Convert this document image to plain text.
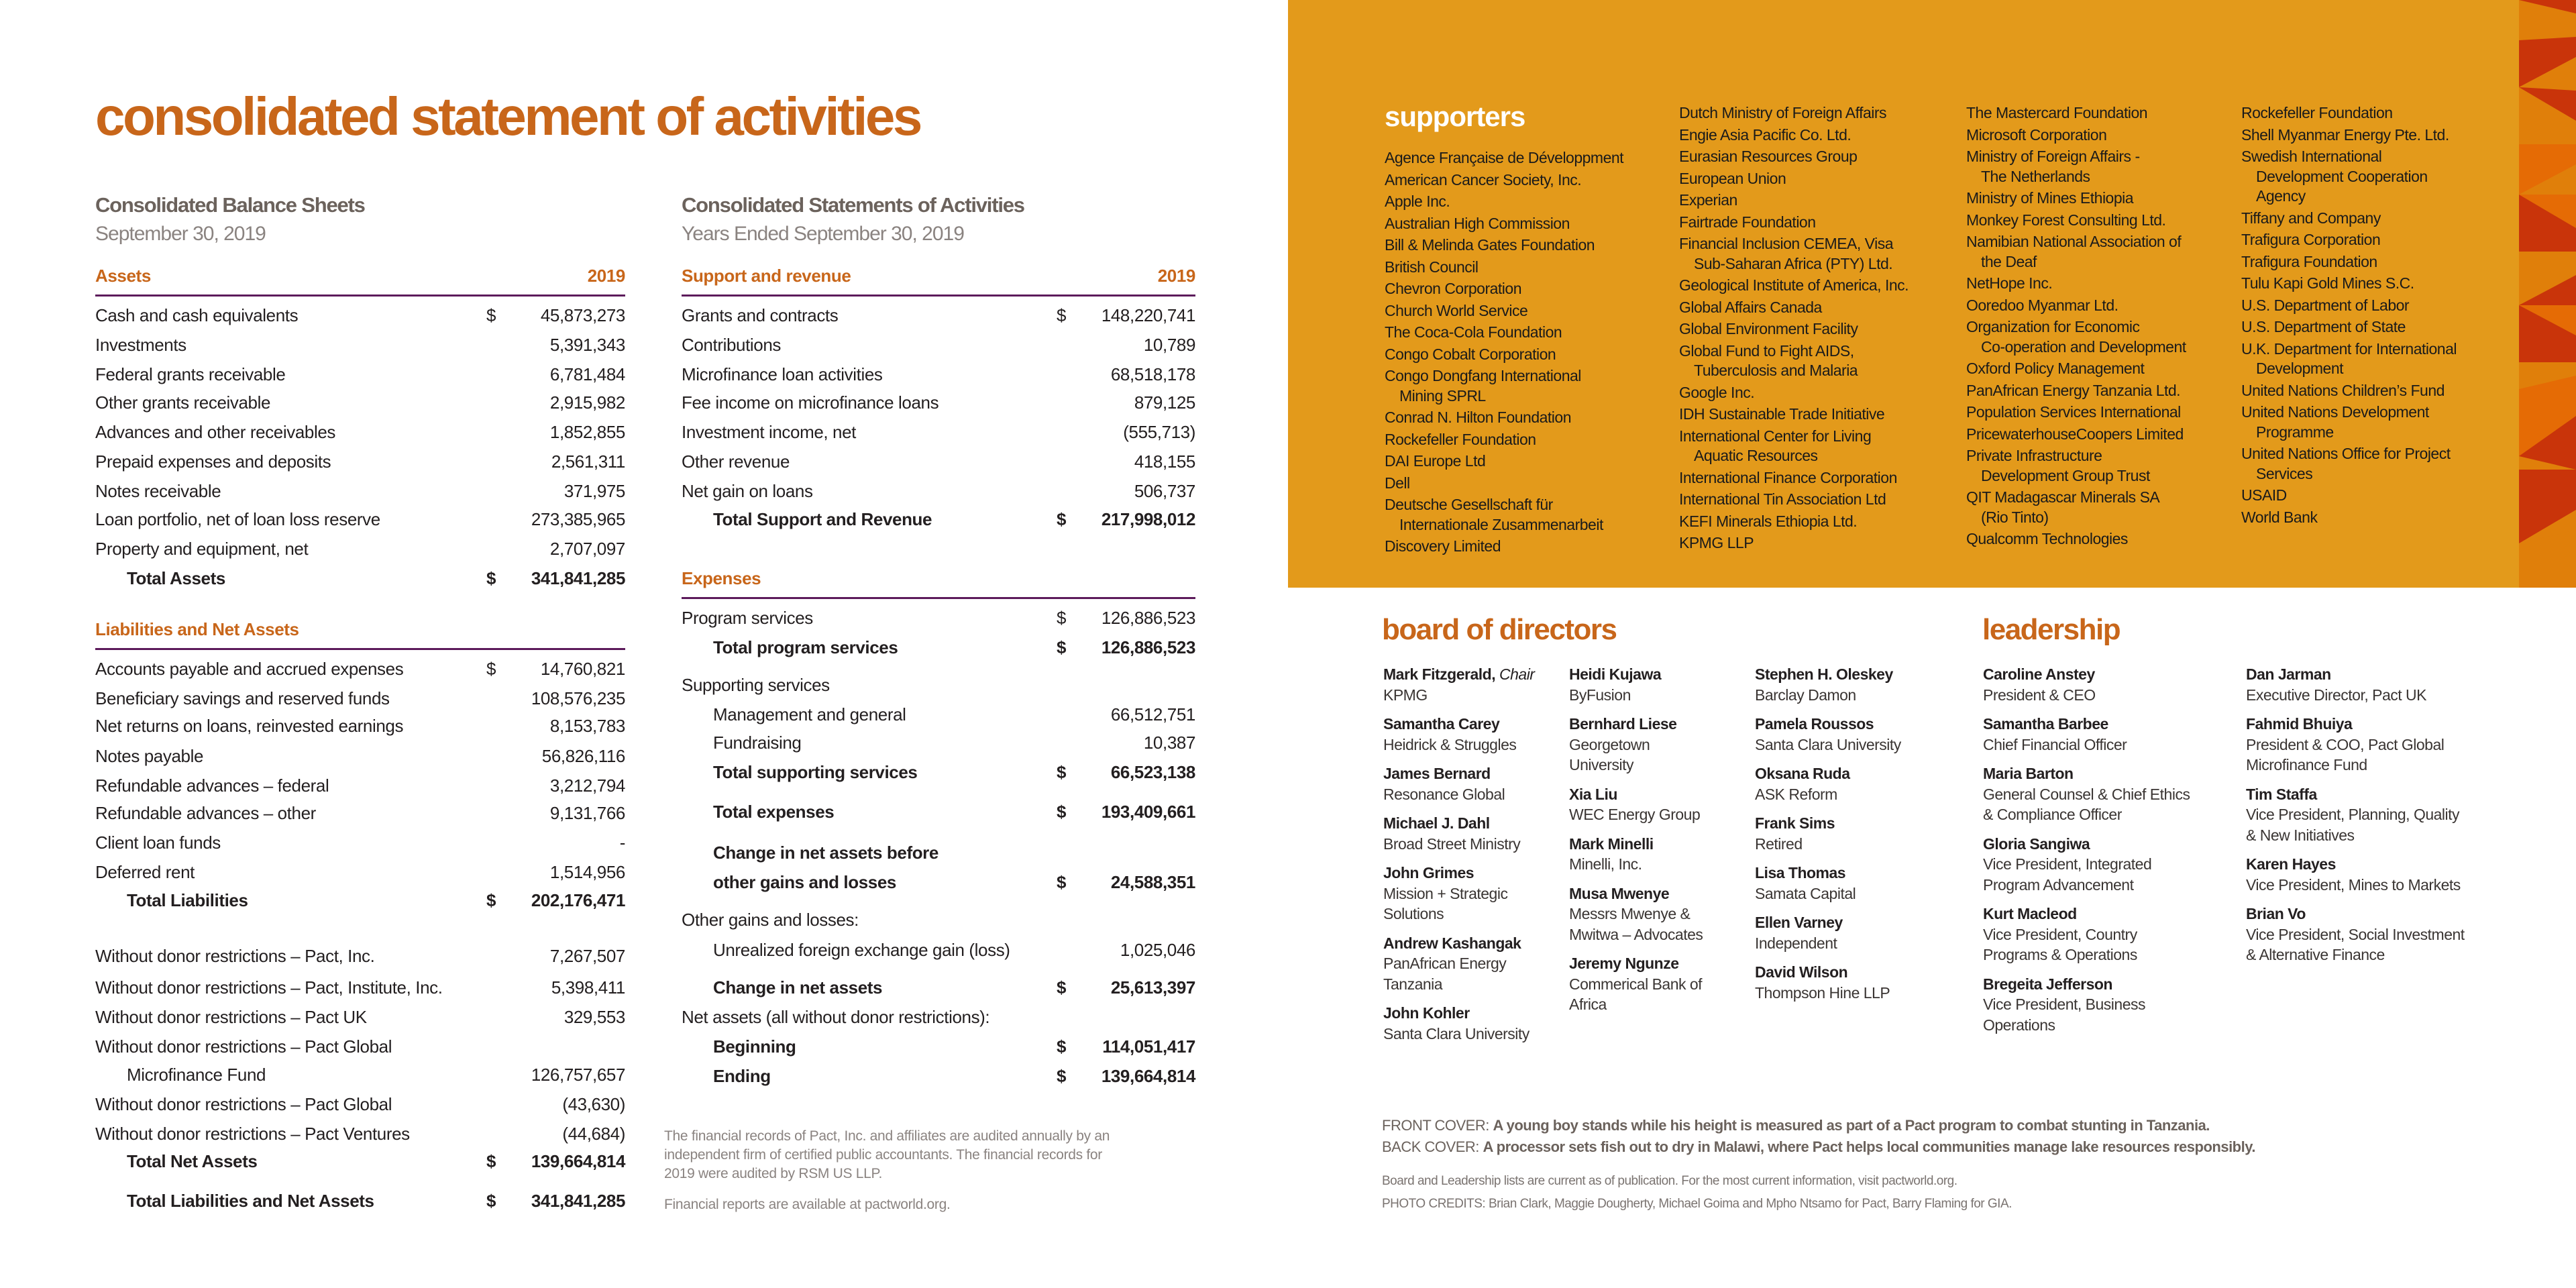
consolidated statement of activities
Consolidated Balance Sheets
September 30, 2019
Assets	2019
Cash and cash equivalents	$	45,873,273
Investments	5,391,343
Federal grants receivable	6,781,484
Other grants receivable	2,915,982
Advances and other receivables	1,852,855
Prepaid expenses and deposits	2,561,311
Notes receivable	371,975
Loan portfolio, net of loan loss reserve	273,385,965
Property and equipment, net	2,707,097
Total Assets	$ 341,841,285
Liabilities and Net Assets
Accounts payable and accrued expenses	$	14,760,821
Beneficiary savings and reserved funds	108,576,235
Net returns on loans, reinvested earnings	8,153,783
Notes payable	56,826,116
Refundable advances – federal	3,212,794
Refundable advances – other	9,131,766
Client loan funds	-
Deferred rent	1,514,956
Total Liabilities	$ 202,176,471
Without donor restrictions – Pact, Inc.	7,267,507
Without donor restrictions – Pact, Institute, Inc.	5,398,411
Without donor restrictions – Pact UK	329,553
Without donor restrictions – Pact Global
Microfinance Fund	126,757,657
Without donor restrictions – Pact Global	(43,630)
Without donor restrictions – Pact Ventures	(44,684)
Total Net Assets	$ 139,664,814
Total Liabilities and Net Assets	$ 341,841,285
Consolidated Statements of Activities
Years Ended September 30, 2019
Support and revenue	2019
Grants and contracts	$ 148,220,741
Contributions	10,789
Microfinance loan activities	68,518,178
Fee income on microfinance loans	879,125
Investment income, net	(555,713)
Other revenue	418,155
Net gain on loans	506,737
Total Support and Revenue	$ 217,998,012
Expenses
Program services	$ 126,886,523
Total program services	$ 126,886,523
Supporting services
Management and general	66,512,751
Fundraising	10,387
Total supporting services	$	66,523,138
Total expenses	$ 193,409,661
Change in net assets before
other gains and losses	$	24,588,351
Other gains and losses:
Unrealized foreign exchange gain (loss)	1,025,046
Change in net assets	$	25,613,397
Net assets (all without donor restrictions):
Beginning	$ 114,051,417
Ending	$ 139,664,814
The financial records of Pact, Inc. and affiliates are audited annually by an
independent firm of certified public accountants. The financial records for
2019 were audited by RSM US LLP.
Financial reports are available at pactworld.org.
supporters
Agence Française de Développment
American Cancer Society, Inc.
Apple Inc.
Australian High Commission
Bill & Melinda Gates Foundation
British Council
Chevron Corporation
Church World Service
The Coca-Cola Foundation
Congo Cobalt Corporation
Congo Dongfang International
Mining SPRL
Conrad N. Hilton Foundation
Rockefeller Foundation
DAI Europe Ltd
Dell
Deutsche Gesellschaft für
Internationale Zusammenarbeit
Discovery Limited
Dutch Ministry of Foreign Affairs
Engie Asia Pacific Co. Ltd.
Eurasian Resources Group
European Union
Experian
Fairtrade Foundation
Financial Inclusion CEMEA, Visa
Sub-Saharan Africa (PTY) Ltd.
Geological Institute of America, Inc.
Global Affairs Canada
Global Environment Facility
Global Fund to Fight AIDS,
Tuberculosis and Malaria
Google Inc.
IDH Sustainable Trade Initiative
International Center for Living
Aquatic Resources
International Finance Corporation
International Tin Association Ltd
KEFI Minerals Ethiopia Ltd.
KPMG LLP
The Mastercard Foundation
Microsoft Corporation
Ministry of Foreign Affairs -
The Netherlands
Ministry of Mines Ethiopia
Monkey Forest Consulting Ltd.
Namibian National Association of
the Deaf
NetHope Inc.
Ooredoo Myanmar Ltd.
Organization for Economic
Co-operation and Development
Oxford Policy Management
PanAfrican Energy Tanzania Ltd.
Population Services International
PricewaterhouseCoopers Limited
Private Infrastructure
Development Group Trust
QIT Madagascar Minerals SA
(Rio Tinto)
Qualcomm Technologies
Rockefeller Foundation
Shell Myanmar Energy Pte. Ltd.
Swedish International
Development Cooperation
Agency
Tiffany and Company
Trafigura Corporation
Trafigura Foundation
Tulu Kapi Gold Mines S.C.
U.S. Department of Labor
U.S. Department of State
U.K. Department for International
Development
United Nations Children’s Fund
United Nations Development
Programme
United Nations Office for Project
Services
USAID
World Bank
board of directors
Mark Fitzgerald, Chair
KPMG
Samantha Carey
Heidrick & Struggles
James Bernard
Resonance Global
Michael J. Dahl
Broad Street Ministry
John Grimes
Mission + Strategic
Solutions
Andrew Kashangak
PanAfrican Energy
Tanzania
John Kohler
Santa Clara University
Heidi Kujawa
ByFusion
Bernhard Liese
Georgetown
University
Xia Liu
WEC Energy Group
Mark Minelli
Minelli, Inc.
Musa Mwenye
Messrs Mwenye &
Mwitwa – Advocates
Jeremy Ngunze
Commerical Bank of
Africa
Stephen H. Oleskey
Barclay Damon
Pamela Roussos
Santa Clara University
Oksana Ruda
ASK Reform
Frank Sims
Retired
Lisa Thomas
Samata Capital
Ellen Varney
Independent
David Wilson
Thompson Hine LLP
leadership
Caroline Anstey
President & CEO
Samantha Barbee
Chief Financial Officer
Maria Barton
General Counsel & Chief Ethics
& Compliance Officer
Gloria Sangiwa
Vice President, Integrated
Program Advancement
Kurt Macleod
Vice President, Country
Programs & Operations
Bregeita Jefferson
Vice President, Business
Operations
Dan Jarman
Executive Director, Pact UK
Fahmid Bhuiya
President & COO, Pact Global
Microfinance Fund
Tim Staffa
Vice President, Planning, Quality
& New Initiatives
Karen Hayes
Vice President, Mines to Markets
Brian Vo
Vice President, Social Investment
& Alternative Finance
FRONT COVER: A young boy stands while his height is measured as part of a Pact program to combat stunting in Tanzania.
BACK COVER: A processor sets fish out to dry in Malawi, where Pact helps local communities manage lake resources responsibly.
Board and Leadership lists are current as of publication. For the most current information, visit pactworld.org.
PHOTO CREDITS: Brian Clark, Maggie Dougherty, Michael Goima and Mpho Ntsamo for Pact, Barry Flaming for GIA.
